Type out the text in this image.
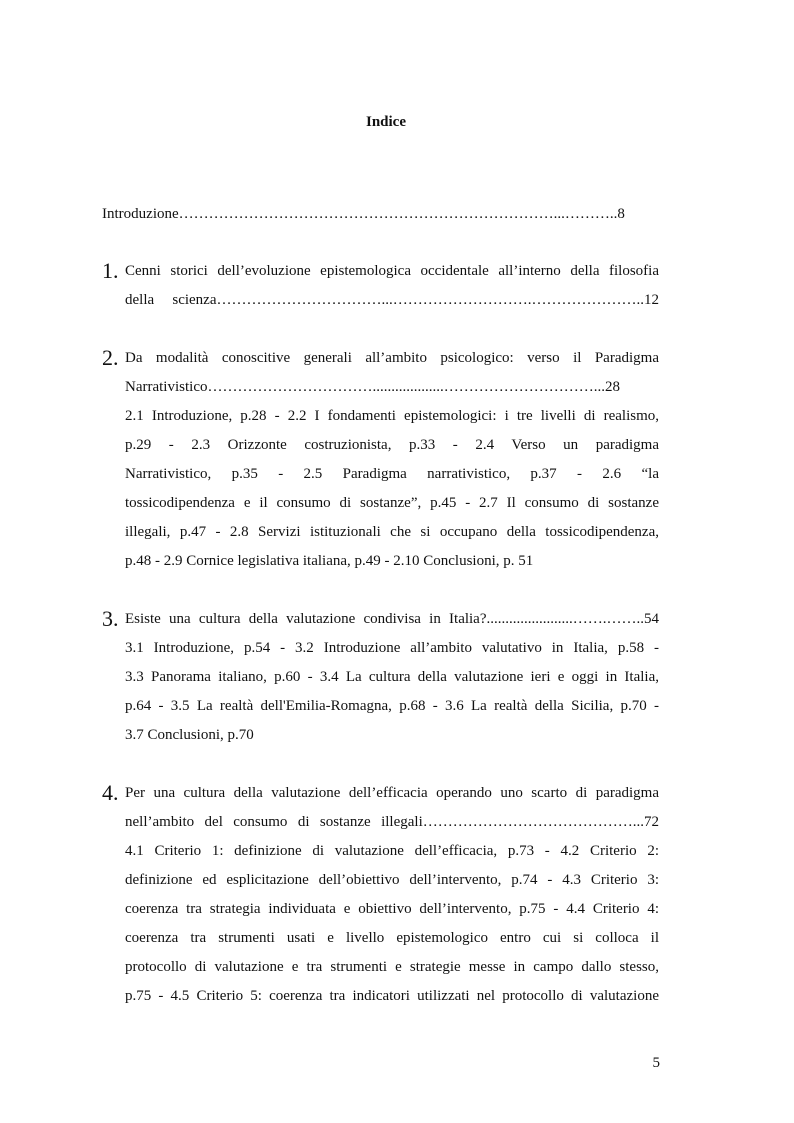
Indice
Introduzione…………………………………………………………………...………..8
1. Cenni storici dell’evoluzione epistemologica occidentale all’interno della filosofia
della scienza……………………………...……………………….…………………..12
2. Da modalità conoscitive generali all’ambito psicologico: verso il Paradigma
Narrativistico……………………………...................…………………………...28
2.1 Introduzione, p.28 - 2.2 I fondamenti epistemologici: i tre livelli di realismo,
p.29 - 2.3 Orizzonte costruzionista, p.33 - 2.4 Verso un paradigma
Narrativistico, p.35 - 2.5 Paradigma narrativistico, p.37 - 2.6 “la
tossicodipendenza e il consumo di sostanze”, p.45 - 2.7 Il consumo di sostanze
illegali, p.47 - 2.8 Servizi istituzionali che si occupano della tossicodipendenza,
p.48 - 2.9 Cornice legislativa italiana, p.49 - 2.10 Conclusioni, p. 51
3. Esiste una cultura della valutazione condivisa in Italia?.......................…….……..54
3.1 Introduzione, p.54 - 3.2 Introduzione all’ambito valutativo in Italia, p.58 -
3.3 Panorama italiano, p.60 - 3.4 La cultura della valutazione ieri e oggi in Italia,
p.64 - 3.5 La realtà dell'Emilia-Romagna, p.68 - 3.6 La realtà della Sicilia, p.70 -
3.7 Conclusioni, p.70
4. Per una cultura della valutazione dell’efficacia operando uno scarto di paradigma
nell’ambito del consumo di sostanze illegali……………………………………...72
4.1 Criterio 1: definizione di valutazione dell’efficacia, p.73 - 4.2 Criterio 2:
definizione ed esplicitazione dell’obiettivo dell’intervento, p.74 - 4.3 Criterio 3:
coerenza tra strategia individuata e obiettivo dell’intervento, p.75 - 4.4 Criterio 4:
coerenza tra strumenti usati e livello epistemologico entro cui si colloca il
protocollo di valutazione e tra strumenti e strategie messe in campo dallo stesso,
p.75 - 4.5 Criterio 5: coerenza tra indicatori utilizzati nel protocollo di valutazione
5
